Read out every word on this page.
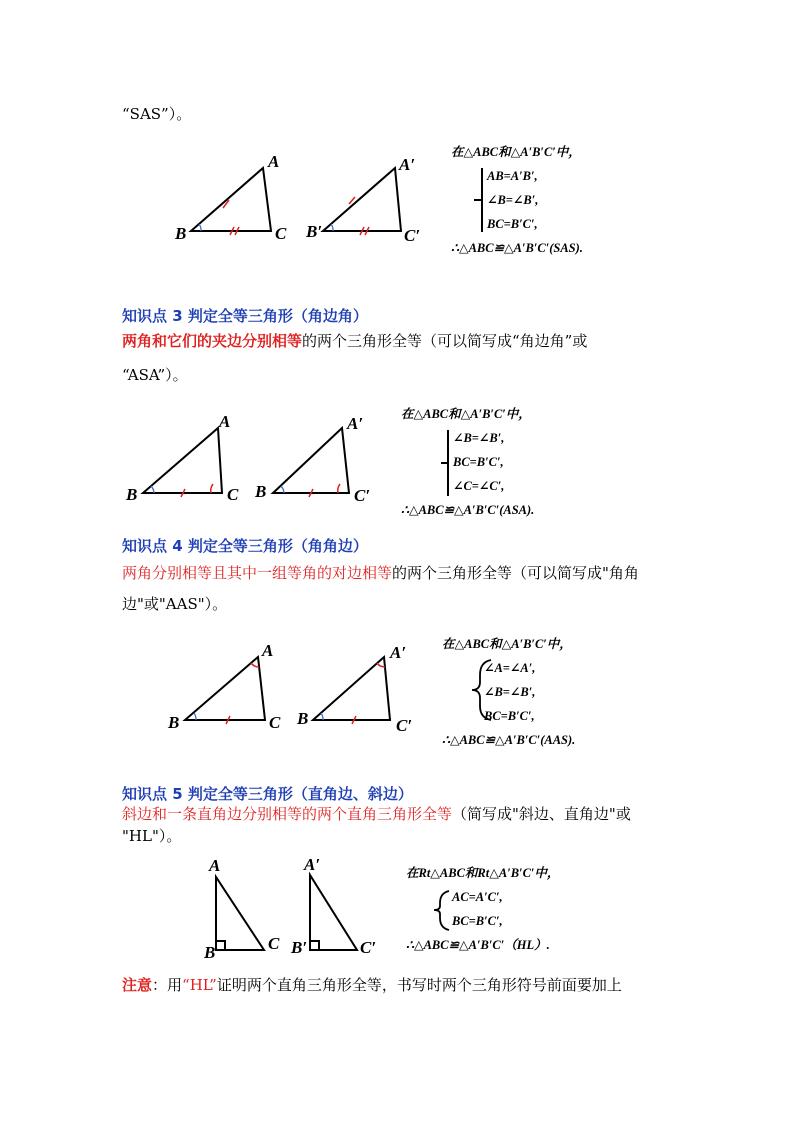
“SAS”）。
A
B	C
A′
B′	C′
在△ABC和△A′B′C′中，
AB=A′B′,
∠B=∠B′,
BC=B′C′,
∴△ABC≌△A′B′C′(SAS).
知识点 3 判定全等三角形（角边角）
两角和它们的夹边分别相等的两个三角形全等（可以简写成“角边角”或
“ASA”）。
A
B	C
A′
B	C′
在△ABC和△A′B′C′中，
∠B=∠B′,
BC=B′C′,
∠C=∠C′,
∴△ABC≌△A′B′C′(ASA).
知识点 4 判定全等三角形（角角边）
两角分别相等且其中一组等角的对边相等的两个三角形全等（可以简写成"角角
边"或"AAS"）。
A
B	C
A′
B	C′
在△ABC和△A′B′C′中，
∠A=∠A′,
∠B=∠B′,
BC=B′C′,
∴△ABC≌△A′B′C′(AAS).
知识点 5 判定全等三角形（直角边、斜边）
斜边和一条直角边分别相等的两个直角三角形全等（简写成"斜边、直角边"或
"HL"）。
A
B	C
A′
B′	C′
在Rt△ABC和Rt△A′B′C′中，
AC=A′C′,
BC=B′C′,
∴△ABC≌△A′B′C′（HL）.
注意：用“HL”证明两个直角三角形全等，书写时两个三角形符号前面要加上
